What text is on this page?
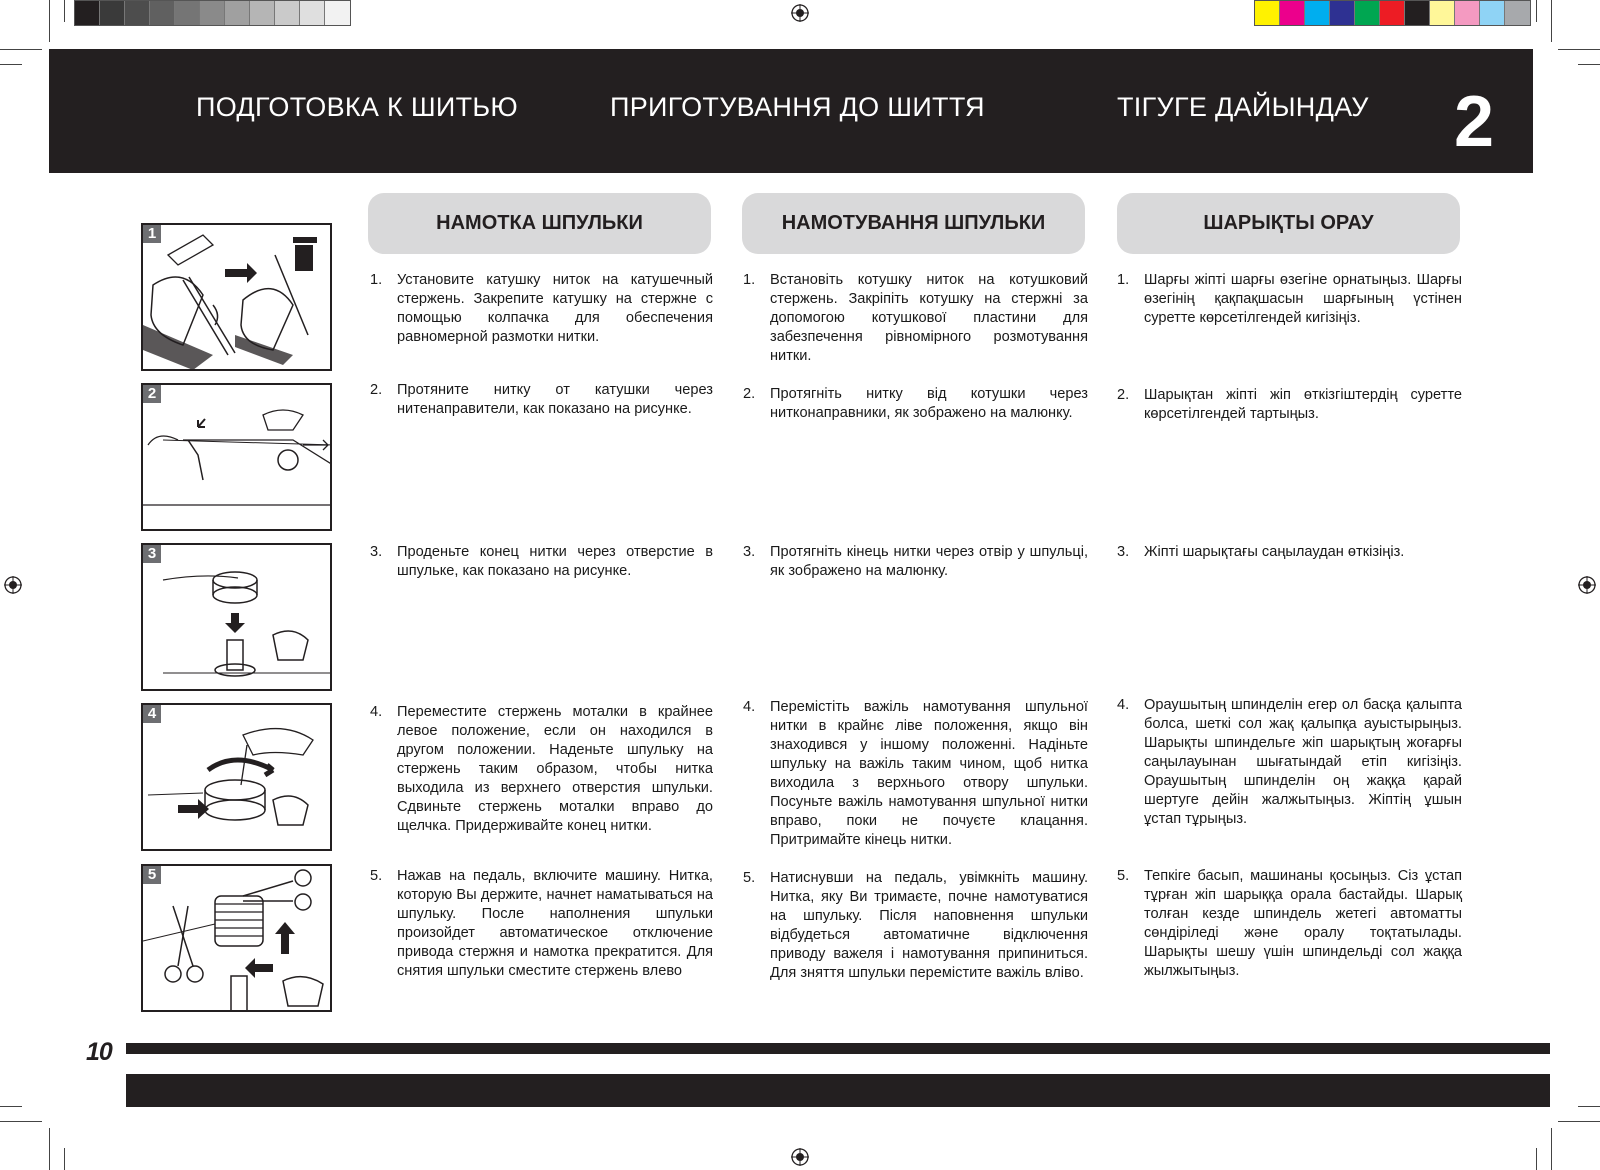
ПОДГОТОВКА К ШИТЬЮ	ПРИГОТУВАННЯ ДО ШИТТЯ	ТІГУГЕ ДАЙЫНДАУ 2
НАМОТКА ШПУЛЬКИ	НАМОТУВАННЯ ШПУЛЬКИ	ШАРЫҚТЫ ОРАУ
1
2
3
4
5
1.	Установите катушку ниток на катушечный стержень. Закрепите катушку на стержне с помощью колпачка для обеспечения равномерной размотки нитки.
2.	Протяните нитку от катушки через нитенаправители, как показано на рисунке.
3.	Проденьте конец нитки через отверстие в шпульке, как показано на рисунке.
4.	Переместите стержень моталки в крайнее левое положение, если он находился в другом положении. Наденьте шпульку на стержень таким образом, чтобы нитка выходила из верхнего отверстия шпульки. Сдвиньте стержень моталки вправо до щелчка. Придерживайте конец нитки.
5.	Нажав на педаль, включите машину. Нитка, которую Вы держите, начнет наматываться на шпульку. После наполнения шпульки произойдет автоматическое отключение привода стержня и намотка прекратится. Для снятия шпульки сместите стержень влево
1.	Встановіть котушку ниток на котушковий стержень. Закріпіть котушку на стержні за допомогою котушкової пластини для забезпечення рівномірного розмотування нитки.
2.	Протягніть нитку від котушки через нитконаправники, як зображено на малюнку.
3.	Протягніть кінець нитки через отвір у шпульці, як зображено на малюнку.
4.	Перемістіть важіль намотування шпульної нитки в крайнє ліве положення, якщо він знаходився у іншому положенні. Надіньте шпульку на важіль таким чином, щоб нитка виходила з верхнього отвору шпульки. Посуньте важіль намотування шпульної нитки вправо, поки не почуєте клацання. Притримайте кінець нитки.
5.	Натиснувши на педаль, увімкніть машину. Нитка, яку Ви тримаєте, почне намотуватися на шпульку. Після наповнення шпульки відбудеться автоматичне відключення приводу важеля і намотування припиниться. Для зняття шпульки перемістите важіль вліво.
1.	Шарғы жіпті шарғы өзегіне орнатыңыз. Шарғы өзегінің қақпақшасын шарғының үстінен суретте көрсетілгендей кигізіңіз.
2.	Шарықтан жіпті жіп өткізгіштердің суретте көрсетілгендей тартыңыз.
3.	Жіпті шарықтағы саңылаудан өткізіңіз.
4.	Ораушытың шпинделін егер ол басқа қалыпта болса, шеткі сол жақ қалыпқа ауыстырыңыз. Шарықты шпиндельге жіп шарықтың жоғарғы саңылауынан шығатындай етіп кигізіңіз. Ораушытың шпинделін оң жаққа қарай шертуге дейін жалжытыңыз. Жіптің ұшын ұстап тұрыңыз.
5.	Тепкіге басып, машинаны қосыңыз. Сіз ұстап тұрған жіп шарыққа орала бастайды. Шарық толған кезде шпиндель жетегі автоматты сөндіріледі және оралу тоқтатылады. Шарықты шешу үшін шпиндельді сол жаққа жылжытыңыз.
10
